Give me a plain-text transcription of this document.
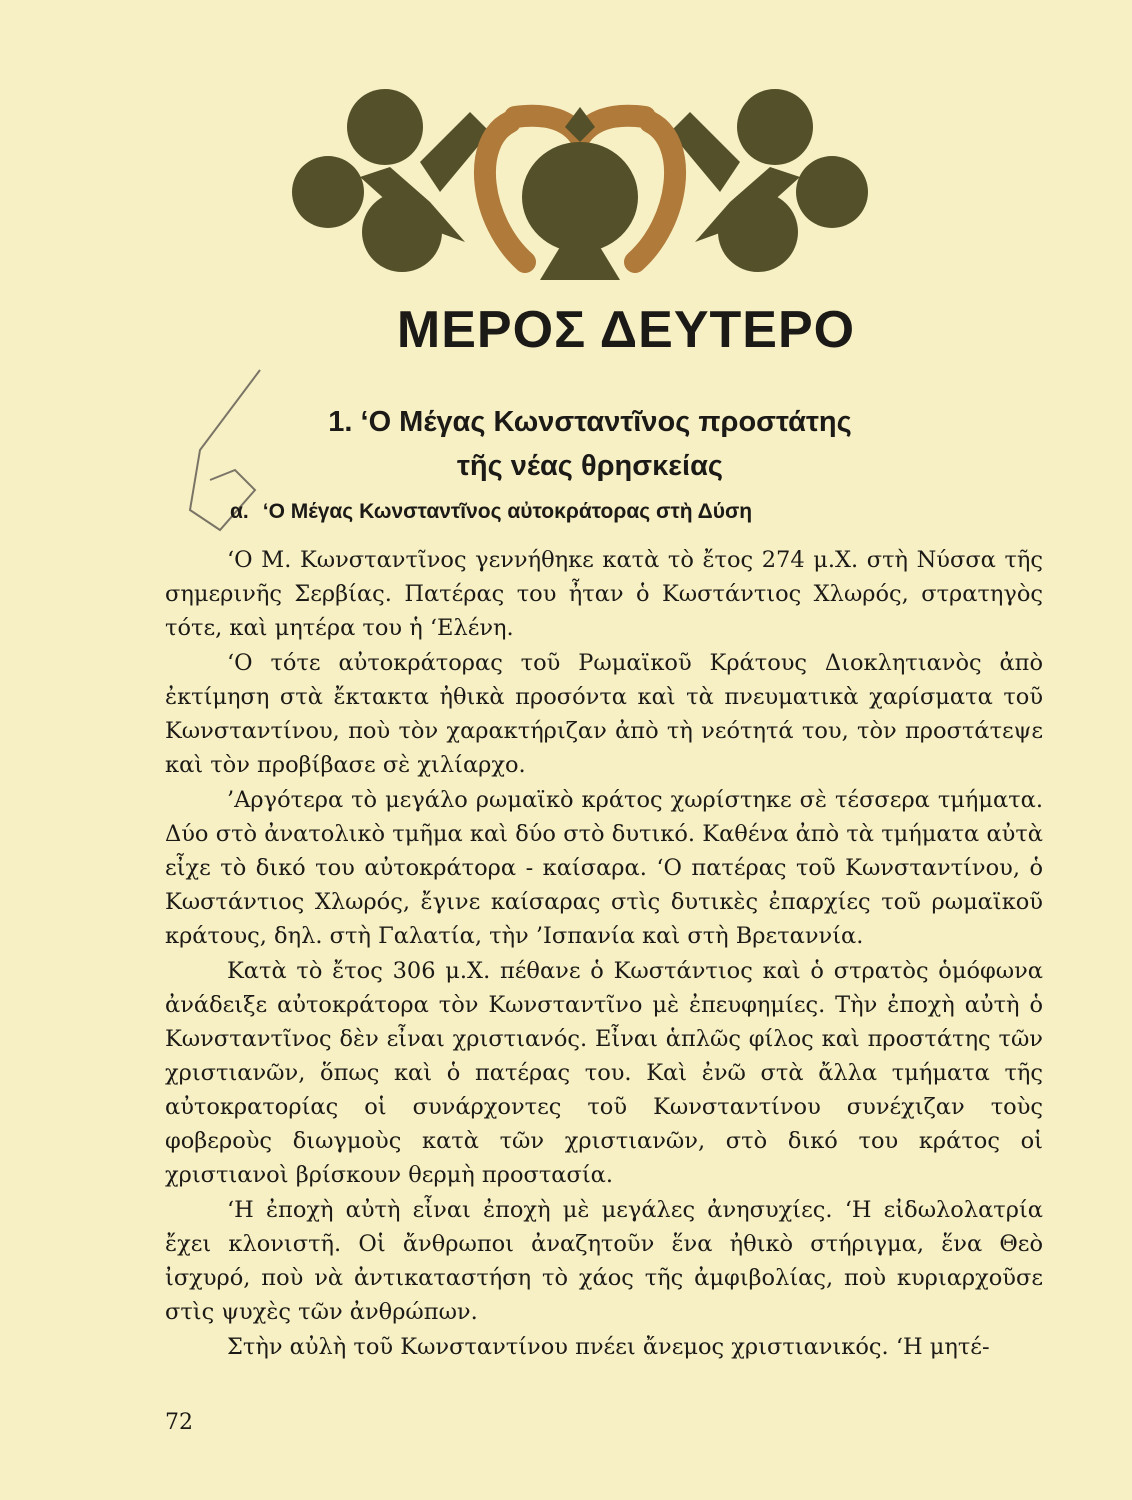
ΜΕΡΟΣ ΔΕΥΤΕΡΟ
1. ‘Ο Μέγας Κωνσταντῖνος προστάτης
τῆς νέας θρησκείας
α. ‘Ο Μέγας Κωνσταντῖνος αὐτοκράτορας στὴ Δύση

‘Ο Μ. Κωνσταντῖνος γεννήθηκε κατὰ τὸ ἔτος 274 μ.Χ. στὴ Νύσσα τῆς σημερινῆς Σερβίας. Πατέρας του ἦταν ὁ Κωστάντιος Χλωρός, στρατηγὸς τότε, καὶ μητέρα του ἡ ‘Ελένη.

‘Ο τότε αὐτοκράτορας τοῦ Ρωμαϊκοῦ Κράτους Διοκλητιανὸς ἀπὸ ἐκτίμηση στὰ ἔκτακτα ἠθικὰ προσόντα καὶ τὰ πνευματικὰ χαρίσματα τοῦ Κωνσταντίνου, ποὺ τὸν χαρακτήριζαν ἀπὸ τὴ νεότητά του, τὸν προστάτεψε καὶ τὸν προβίβασε σὲ χιλίαρχο.

’Αργότερα τὸ μεγάλο ρωμαϊκὸ κράτος χωρίστηκε σὲ τέσσερα τμήματα. Δύο στὸ ἀνατολικὸ τμῆμα καὶ δύο στὸ δυτικό. Καθένα ἀπὸ τὰ τμήματα αὐτὰ εἶχε τὸ δικό του αὐτοκράτορα - καίσαρα. ‘Ο πατέρας τοῦ Κωνσταντίνου, ὁ Κωστάντιος Χλωρός, ἔγινε καίσαρας στὶς δυτικὲς ἐπαρχίες τοῦ ρωμαϊκοῦ κράτους, δηλ. στὴ Γαλατία, τὴν ’Ισπανία καὶ στὴ Βρεταννία.

Κατὰ τὸ ἔτος 306 μ.Χ. πέθανε ὁ Κωστάντιος καὶ ὁ στρατὸς ὁμόφωνα ἀνάδειξε αὐτοκράτορα τὸν Κωνσταντῖνο μὲ ἐπευφημίες. Τὴν ἐποχὴ αὐτὴ ὁ Κωνσταντῖνος δὲν εἶναι χριστιανός. Εἶναι ἁπλῶς φίλος καὶ προστάτης τῶν χριστιανῶν, ὅπως καὶ ὁ πατέρας του. Καὶ ἐνῶ στὰ ἄλλα τμήματα τῆς αὐτοκρατορίας οἱ συνάρχοντες τοῦ Κωνσταντίνου συνέχιζαν τοὺς φοβεροὺς διωγμοὺς κατὰ τῶν χριστιανῶν, στὸ δικό του κράτος οἱ χριστιανοὶ βρίσκουν θερμὴ προστασία.

‘Η ἐποχὴ αὐτὴ εἶναι ἐποχὴ μὲ μεγάλες ἀνησυχίες. ‘Η εἰδωλολατρία ἔχει κλονιστῆ. Οἱ ἄνθρωποι ἀναζητοῦν ἕνα ἠθικὸ στήριγμα, ἕνα Θεὸ ἰσχυρό, ποὺ νὰ ἀντικαταστήση τὸ χάος τῆς ἀμφιβολίας, ποὺ κυριαρχοῦσε στὶς ψυχὲς τῶν ἀνθρώπων.

Στὴν αὐλὴ τοῦ Κωνσταντίνου πνέει ἄνεμος χριστιανικός. ‘Η μητέ-

72
